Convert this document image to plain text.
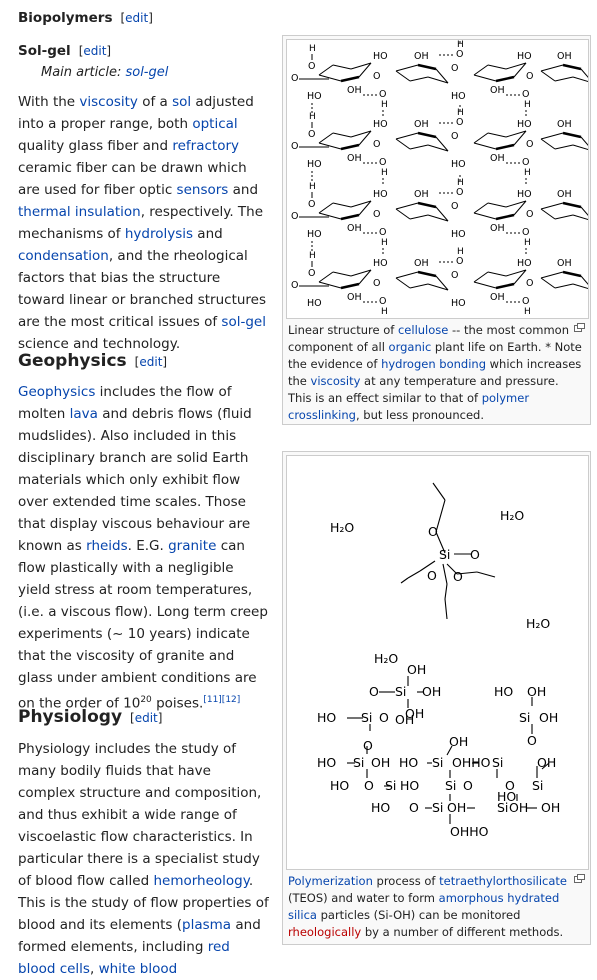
Biopolymers [edit]
Sol-gel [edit]
Main article: sol-gel

With the viscosity of a sol adjusted into a proper range, both optical quality glass fiber and refractory ceramic fiber can be drawn which are used for fiber optic sensors and thermal insulation, respectively. The mechanisms of hydrolysis and condensation, and the rheological factors that bias the structure toward linear or branched structures are the most critical issues of sol-gel science and technology.

Geophysics [edit]

Geophysics includes the flow of molten lava and debris flows (fluid mudslides). Also included in this disciplinary branch are solid Earth materials which only exhibit flow over extended time scales. Those that display viscous behaviour are known as rheids. E.G. granite can flow plastically with a negligible yield stress at room temperatures, (i.e. a viscous flow). Long term creep experiments (~ 10 years) indicate that the viscosity of granite and glass under ambient conditions are on the order of $10^{20}$ poises.[11][12]

Physiology [edit]

Physiology includes the study of many bodily fluids that have complex structure and composition, and thus exhibit a wide range of viscoelastic flow characteristics. In particular there is a specialist study of blood flow called hemorheology. This is the study of flow properties of blood and its elements (plasma and formed elements, including red blood cells, white blood

H
O
O	O
O
O
HO	OH	HO	OH
O
H
HO
OH O
H
HO
OH O
H
H
O
O	O
O
O
HO	OH	HO	OH
O
H
HO
OH O
H
HO
OH O
H
H
O
O	O
O
O
HO	OH	HO	OH
O
H
HO
OH O
H
HO
OH O
H
H
O
O	O
O
O
HO	OH	HO	OH
O
H
HO
OH O
H
HO
OH O
H
Linear structure of cellulose -- the most common component of all organic plant life on Earth. * Note the evidence of hydrogen bonding which increases the viscosity at any temperature and pressure. This is an effect similar to that of polymer crosslinking, but less pronounced.
H₂O
H₂O
H₂O
H₂O
O
Si O
O O
OH
O Si OH
HO Si O OH
OH
HO OH
Si OH
O
O	OH
HO Si OH HO Si OHHO Si	OH
HO O Si HO Si O	O Si
HO
HO O Si OH Si OH OH
OHHO
Polymerization process of tetraethylorthosilicate (TEOS) and water to form amorphous hydrated silica particles (Si-OH) can be monitored rheologically by a number of different methods.
